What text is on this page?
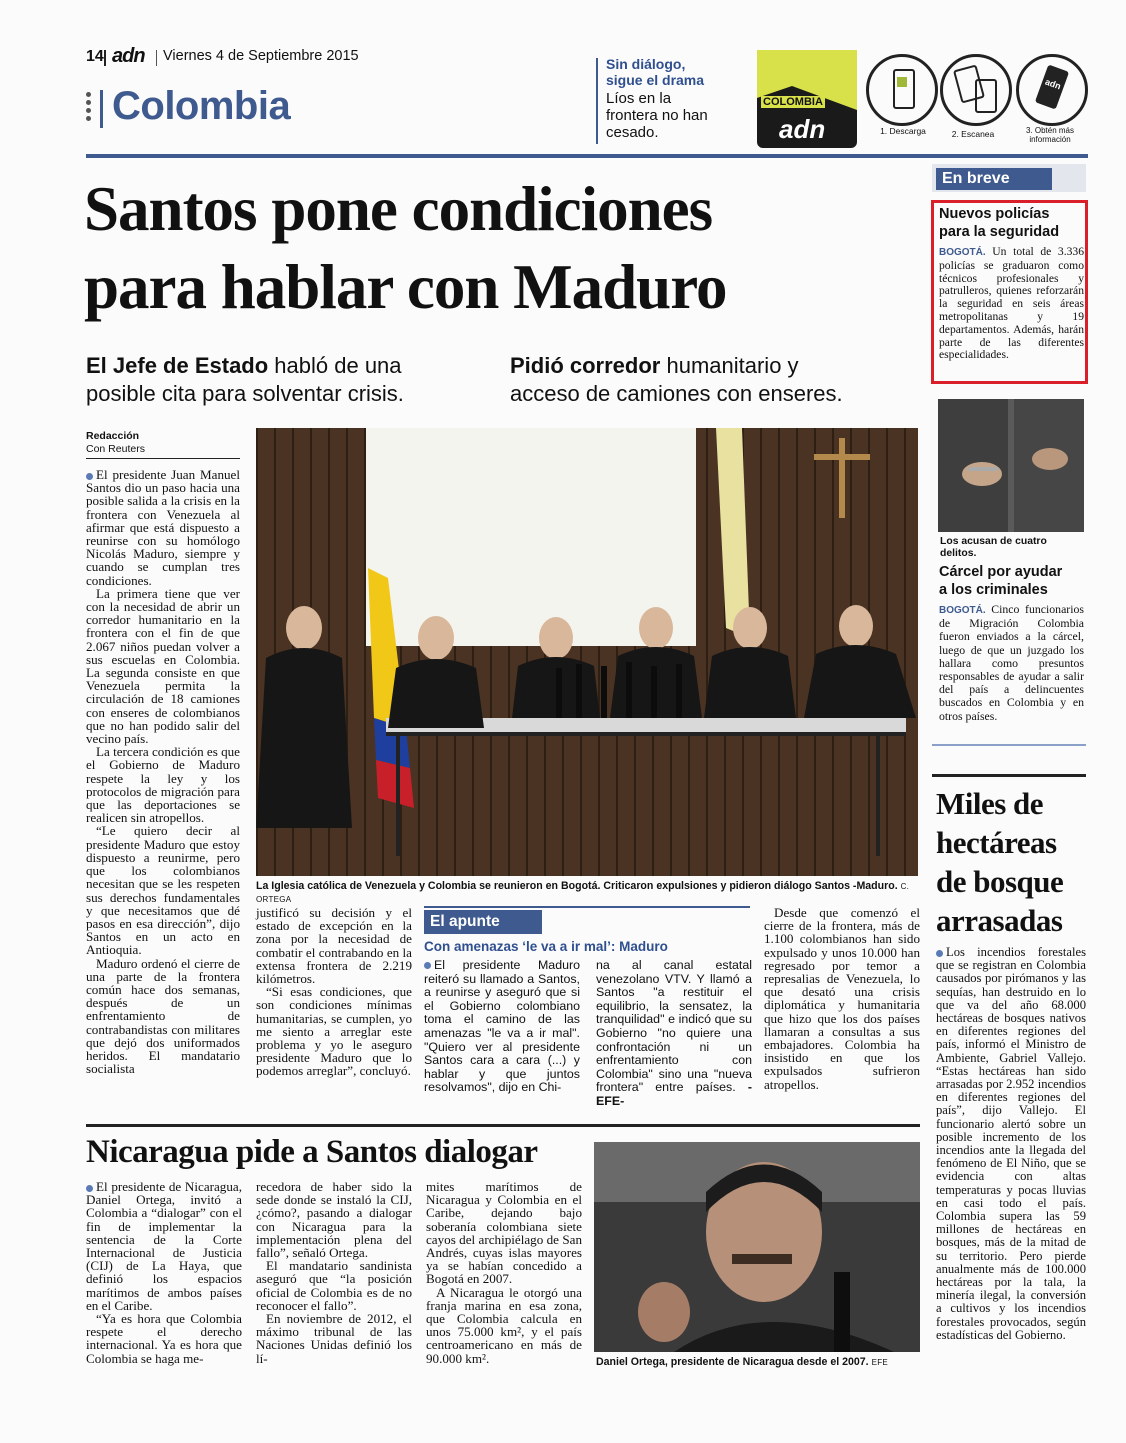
14 adn Viernes 4 de Septiembre 2015
Colombia
Sin diálogo,
sigue el drama
Líos en la
frontera no han
cesado.
COLOMBIA
adn
adn
1. Descarga	2. Escanea	3. Obtén más información
Santos pone condiciones
para hablar con Maduro
El Jefe de Estado habló de una
posible cita para solventar crisis.
Pidió corredor humanitario y
acceso de camiones con enseres.
Redacción
Con Reuters

El presidente Juan Manuel Santos dio un paso hacia una posible salida a la crisis en la frontera con Venezuela al afirmar que está dispuesto a reunirse con su homólogo Nicolás Maduro, siempre y cuando se cumplan tres condiciones.

La primera tiene que ver con la necesidad de abrir un corredor humanitario en la frontera con el fin de que 2.067 niños puedan volver a sus escuelas en Colombia. La segunda consiste en que Venezuela permita la circulación de 18 camiones con enseres de colombianos que no han podido salir del vecino país.

La tercera condición es que el Gobierno de Maduro respete la ley y los protocolos de migración para que las deportaciones se realicen sin atropellos.

“Le quiero decir al presidente Maduro que estoy dispuesto a reunirme, pero que los colombianos necesitan que se les respeten sus derechos fundamentales y que necesitamos que dé pasos en esa dirección”, dijo Santos en un acto en Antioquia.

Maduro ordenó el cierre de una parte de la frontera común hace dos semanas, después de un enfrentamiento de contrabandistas con militares que dejó dos uniformados heridos. El mandatario socialista

La Iglesia católica de Venezuela y Colombia se reunieron en Bogotá. Criticaron expulsiones y pidieron diálogo Santos -Maduro. C. ORTEGA

justificó su decisión y el estado de excepción en la zona por la necesidad de combatir el contrabando en la extensa frontera de 2.219 kilómetros.

“Si esas condiciones, que son condiciones mínimas humanitarias, se cumplen, yo me siento a arreglar este problema y yo le aseguro presidente Maduro que lo podemos arreglar”, concluyó.

El apunte
Con amenazas ‘le va a ir mal’: Maduro
El presidente Maduro reiteró su llamado a Santos, a reunirse y aseguró que si el Gobierno colombiano toma el camino de las amenazas "le va a ir mal". "Quiero ver al presidente Santos cara a cara (...) y hablar y que juntos resolvamos", dijo en Chi-
na al canal estatal venezolano VTV. Y llamó a Santos "a restituir el equilibrio, la sensatez, la tranquilidad" e indicó que su Gobierno "no quiere una confrontación ni un enfrentamiento con Colombia" sino una "nueva frontera" entre países. -EFE-

Desde que comenzó el cierre de la frontera, más de 1.100 colombianos han sido expulsado y unos 10.000 han regresado por temor a represalias de Venezuela, lo que desató una crisis diplomática y humanitaria que hizo que los dos países llamaran a consultas a sus embajadores. Colombia ha insistido en que los expulsados sufrieron atropellos.

En breve
Nuevos policías
para la seguridad
BOGOTÁ. Un total de 3.336 policías se graduaron como técnicos profesionales y patrulleros, quienes reforzarán la seguridad en seis áreas metropolitanas y 19 departamentos. Además, harán parte de las diferentes especialidades.
Los acusan de cuatro delitos.
Cárcel por ayudar
a los criminales
BOGOTÁ. Cinco funcionarios de Migración Colombia fueron enviados a la cárcel, luego de que un juzgado los hallara como presuntos responsables de ayudar a salir del país a delincuentes buscados en Colombia y en otros países.
Miles de
hectáreas
de bosque
arrasadas
Los incendios forestales que se registran en Colombia causados por pirómanos y las sequías, han destruido en lo que va del año 68.000 hectáreas de bosques nativos en diferentes regiones del país, informó el Ministro de Ambiente, Gabriel Vallejo. “Estas hectáreas han sido arrasadas por 2.952 incendios en diferentes regiones del país”, dijo Vallejo. El funcionario alertó sobre un posible incremento de los incendios ante la llegada del fenómeno de El Niño, que se evidencia con altas temperaturas y pocas lluvias en casi todo el país. Colombia supera las 59 millones de hectáreas en bosques, más de la mitad de su territorio. Pero pierde anualmente más de 100.000 hectáreas por la tala, la minería ilegal, la conversión a cultivos y los incendios forestales provocados, según estadísticas del Gobierno.
Nicaragua pide a Santos dialogar

El presidente de Nicaragua, Daniel Ortega, invitó a Colombia a “dialogar” con el fin de implementar la sentencia de la Corte Internacional de Justicia (CIJ) de La Haya, que definió los espacios marítimos de ambos países en el Caribe.

“Ya es hora que Colombia respete el derecho internacional. Ya es hora que Colombia se haga me-

recedora de haber sido la sede donde se instaló la CIJ, ¿cómo?, pasando a dialogar con Nicaragua para la implementación plena del fallo”, señaló Ortega.

El mandatario sandinista aseguró que “la posición oficial de Colombia es de no reconocer el fallo”.

En noviembre de 2012, el máximo tribunal de las Naciones Unidas definió los lí-

mites marítimos de Nicaragua y Colombia en el Caribe, dejando bajo soberanía colombiana siete cayos del archipiélago de San Andrés, cuyas islas mayores ya se habían concedido a Bogotá en 2007.

A Nicaragua le otorgó una franja marina en esa zona, que Colombia calcula en unos 75.000 km², y el país centroamericano en más de 90.000 km².	Daniel Ortega, presidente de Nicaragua desde el 2007. EFE
